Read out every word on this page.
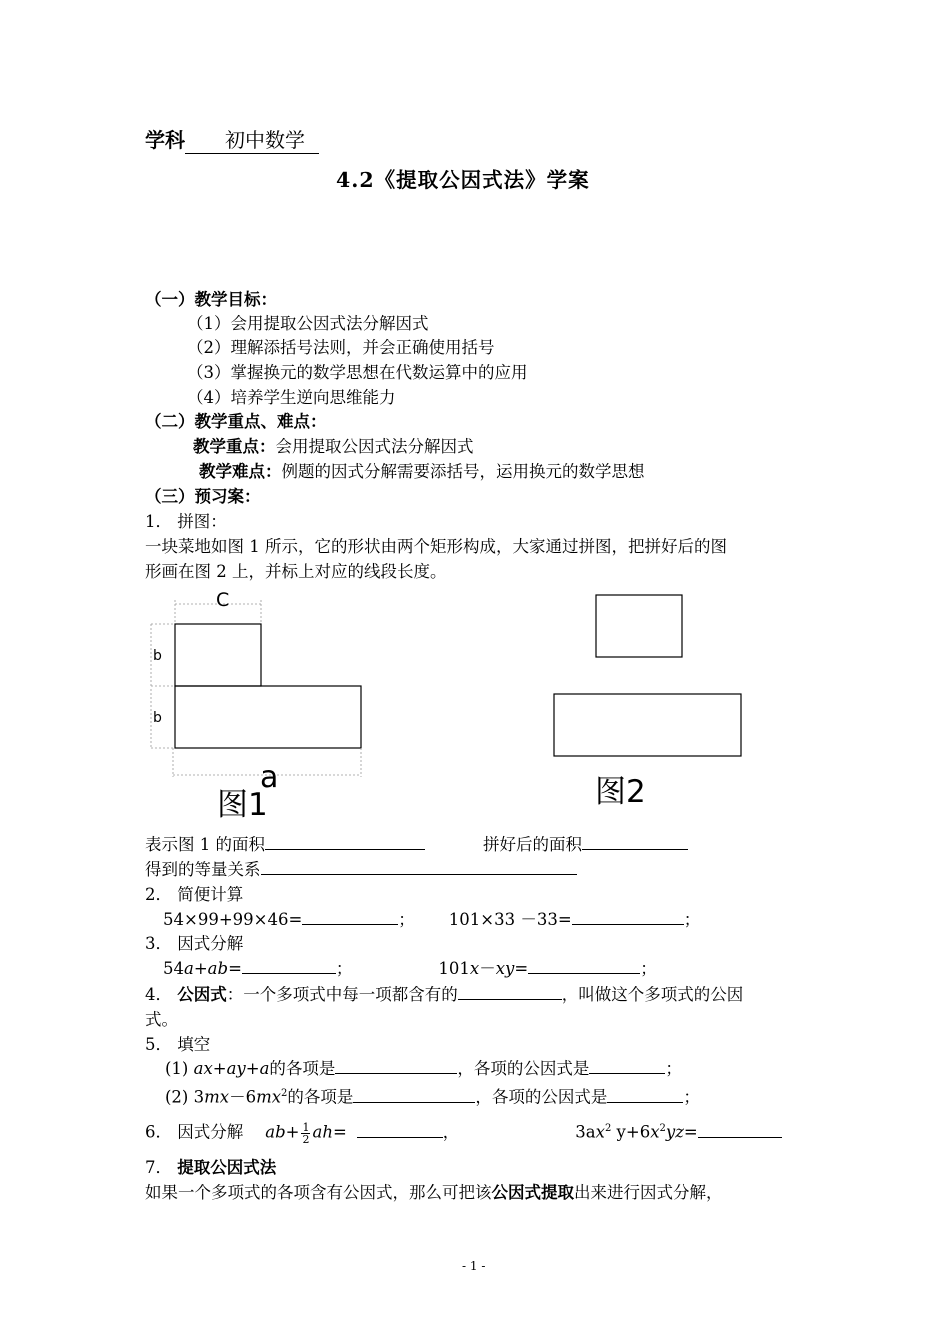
学科 初中数学
4.2《提取公因式法》学案
（一）教学目标：
（1）会用提取公因式法分解因式
（2）理解添括号法则，并会正确使用括号
（3）掌握换元的数学思想在代数运算中的应用
（4）培养学生逆向思维能力
（二）教学重点、难点：
教学重点：会用提取公因式法分解因式
教学难点：例题的因式分解需要添括号，运用换元的数学思想
（三）预习案：
1． 拼图：
一块菜地如图 1 所示，它的形状由两个矩形构成，大家通过拼图，把拼好后的图
形画在图 2 上，并标上对应的线段长度。
C
b
b
a
图1	图2
表示图 1 的面积	拼好后的面积
得到的等量关系
2． 简便计算
54×99+99×46=	； 101×33 －33=	；
3． 因式分解
54a+ab=	；	101x－xy=	；
4． 公因式：一个多项式中每一项都含有的	，叫做这个多项式的公因
式。
5． 填空
(1) ax+ay+a的各项是	，各项的公因式是	；
(2) $3mx-6mx^2$的各项是	，各项的公因式是	；
6． 因式分解 $ab+ \frac{1}{2} ah=$	，	$3ax^2$ $y+6x^2yz=$
7． 提取公因式法
如果一个多项式的各项含有公因式，那么可把该公因式提取出来进行因式分解，
- 1 -
